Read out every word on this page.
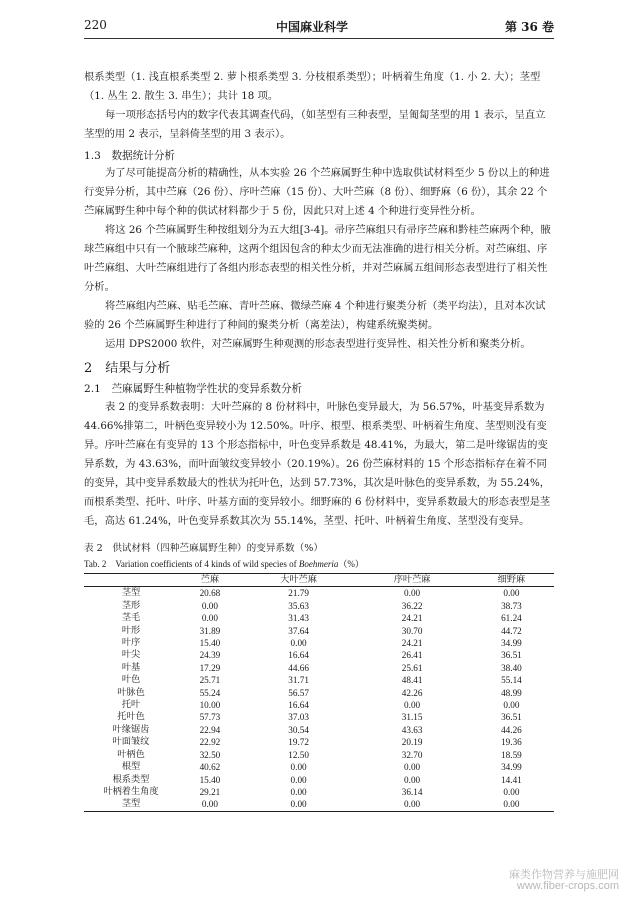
220	中国麻业科学	第 36 卷

根系类型（1. 浅直根系类型 2. 萝卜根系类型 3. 分枝根系类型）；叶柄着生角度（1. 小 2. 大）；茎型（1. 丛生 2. 散生 3. 串生）；共计 18 项。

每一项形态括号内的数字代表其调查代码，（如茎型有三种表型，呈匍匐茎型的用 1 表示，呈直立茎型的用 2 表示，呈斜倚茎型的用 3 表示）。

1.3　数据统计分析

为了尽可能提高分析的精确性，从本实验 26 个苎麻属野生种中选取供试材料至少 5 份以上的种进行变异分析，其中苎麻（26 份）、序叶苎麻（15 份）、大叶苎麻（8 份）、细野麻（6 份），其余 22 个苎麻属野生种中每个种的供试材料都少于 5 份，因此只对上述 4 个种进行变异性分析。

将这 26 个苎麻属野生种按组划分为五大组[3-4]。帚序苎麻组只有帚序苎麻和黔桂苎麻两个种，腋球苎麻组中只有一个腋球苎麻种，这两个组因包含的种太少而无法准确的进行相关分析。对苎麻组、序叶苎麻组、大叶苎麻组进行了各组内形态表型的相关性分析，并对苎麻属五组间形态表型进行了相关性分析。

将苎麻组内苎麻、贴毛苎麻、青叶苎麻、微绿苎麻 4 个种进行聚类分析（类平均法），且对本次试验的 26 个苎麻属野生种进行了种间的聚类分析（离差法），构建系统聚类树。

运用 DPS2000 软件，对苎麻属野生种观测的形态表型进行变异性、相关性分析和聚类分析。

2　结果与分析
2.1　苎麻属野生种植物学性状的变异系数分析

表 2 的变异系数表明：大叶苎麻的 8 份材料中，叶脉色变异最大，为 56.57%，叶基变异系数为 44.66%排第二，叶柄色变异较小为 12.50%。叶序、根型、根系类型、叶柄着生角度、茎型则没有变异。序叶苎麻在有变异的 13 个形态指标中，叶色变异系数是 48.41%，为最大，第二是叶缘锯齿的变异系数，为 43.63%，而叶面皱纹变异较小（20.19%）。26 份苎麻材料的 15 个形态指标存在着不同的变异，其中变异系数最大的性状为托叶色，达到 57.73%，其次是叶脉色的变异系数，为 55.24%，而根系类型、托叶、叶序、叶基方面的变异较小。细野麻的 6 份材料中，变异系数最大的形态表型是茎毛，高达 61.24%，叶色变异系数其次为 55.14%，茎型、托叶、叶柄着生角度、茎型没有变异。

表 2　供试材料（四种苎麻属野生种）的变异系数（%）
Tab. 2　Variation coefficients of 4 kinds of wild species of Boehmeria（%）
	苎麻	大叶苎麻	序叶苎麻	细野麻
茎型	20.68	21.79	0.00	0.00
茎形	0.00	35.63	36.22	38.73
茎毛	0.00	31.43	24.21	61.24
叶形	31.89	37.64	30.70	44.72
叶序	15.40	0.00	24.21	34.99
叶尖	24.39	16.64	26.41	36.51
叶基	17.29	44.66	25.61	38.40
叶色	25.71	31.71	48.41	55.14
叶脉色	55.24	56.57	42.26	48.99
托叶	10.00	16.64	0.00	0.00
托叶色	57.73	37.03	31.15	36.51
叶缘锯齿	22.94	30.54	43.63	44.26
叶面皱纹	22.92	19.72	20.19	19.36
叶柄色	32.50	12.50	32.70	18.59
根型	40.62	0.00	0.00	34.99
根系类型	15.40	0.00	0.00	14.41
叶柄着生角度	29.21	0.00	36.14	0.00
茎型	0.00	0.00	0.00	0.00
麻类作物营养与施肥网
www.fiber-crops.com
